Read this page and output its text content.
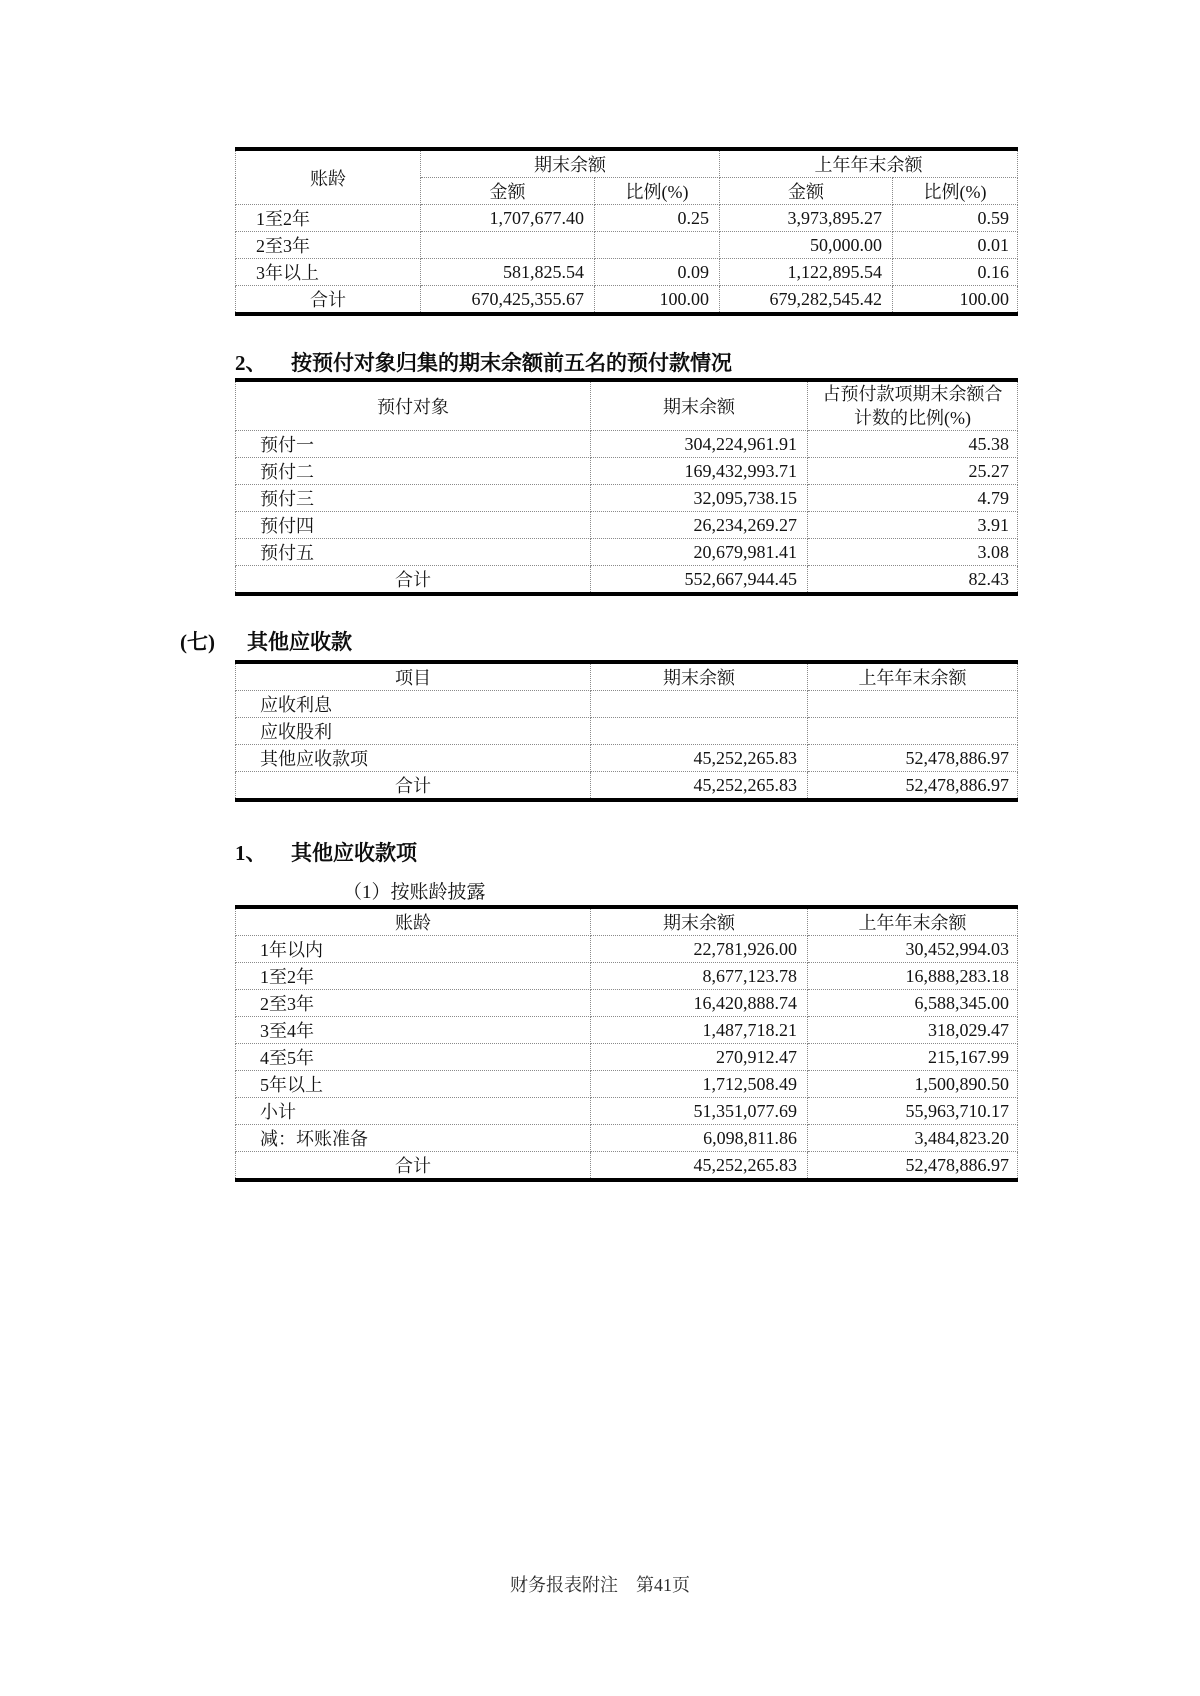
账龄	期末余额		上年年末余额	
	金额	比例(%)	金额	比例(%)
1至2年	1,707,677.40	0.25	3,973,895.27	0.59
2至3年			50,000.00	0.01
3年以上	581,825.54	0.09	1,122,895.54	0.16
合计	670,425,355.67	100.00	679,282,545.42	100.00
2、 按预付对象归集的期末余额前五名的预付款情况
预付对象	期末余额	占预付款项期末余额合计数的比例(%)
预付一	304,224,961.91	45.38
预付二	169,432,993.71	25.27
预付三	32,095,738.15	4.79
预付四	26,234,269.27	3.91
预付五	20,679,981.41	3.08
合计	552,667,944.45	82.43
(七) 其他应收款
项目	期末余额	上年年末余额
应收利息		
应收股利		
其他应收款项	45,252,265.83	52,478,886.97
合计	45,252,265.83	52,478,886.97
1、 其他应收款项
（1）按账龄披露
账龄	期末余额	上年年末余额
1年以内	22,781,926.00	30,452,994.03
1至2年	8,677,123.78	16,888,283.18
2至3年	16,420,888.74	6,588,345.00
3至4年	1,487,718.21	318,029.47
4至5年	270,912.47	215,167.99
5年以上	1,712,508.49	1,500,890.50
小计	51,351,077.69	55,963,710.17
减：坏账准备	6,098,811.86	3,484,823.20
合计	45,252,265.83	52,478,886.97
财务报表附注　第41页
